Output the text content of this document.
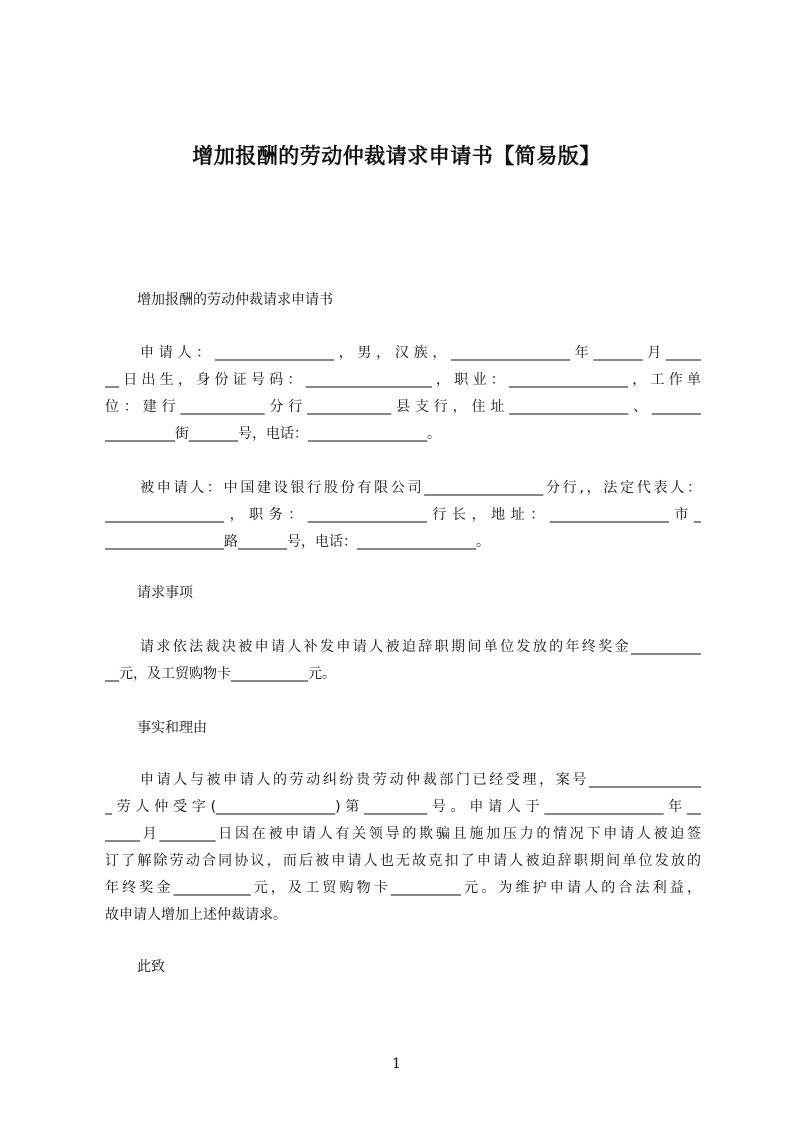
增加报酬的劳动仲裁请求申请书【简易版】
增加报酬的劳动仲裁请求申请书
申请人：_________________，男，汉族，_________________年_______月_____
__日出生，身份证号码：__________________，职业：_________________，工作单
位：建行____________分行____________县支行，住址_________________、_______
__________街_______号，电话：_________________。
被申请人：中国建设银行股份有限公司_________________分行,，法定代表人：
_________________，职务：_________________行长，地址：_________________市_
_________________路_______号，电话：_________________。
请求事项
请求依法裁决被申请人补发申请人被迫辞职期间单位发放的年终奖金__________
__元，及工贸购物卡___________元。
事实和理由
申请人与被申请人的劳动纠纷贵劳动仲裁部门已经受理，案号________________
_劳人仲受字(_________________)第_________号。申请人于_________________年__
_____月________日因在被申请人有关领导的欺骗且施加压力的情况下申请人被迫签
订了解除劳动合同协议，而后被申请人也无故克扣了申请人被迫辞职期间单位发放的
年终奖金___________元，及工贸购物卡__________元。为维护申请人的合法利益，
故申请人增加上述仲裁请求。
此致
1
